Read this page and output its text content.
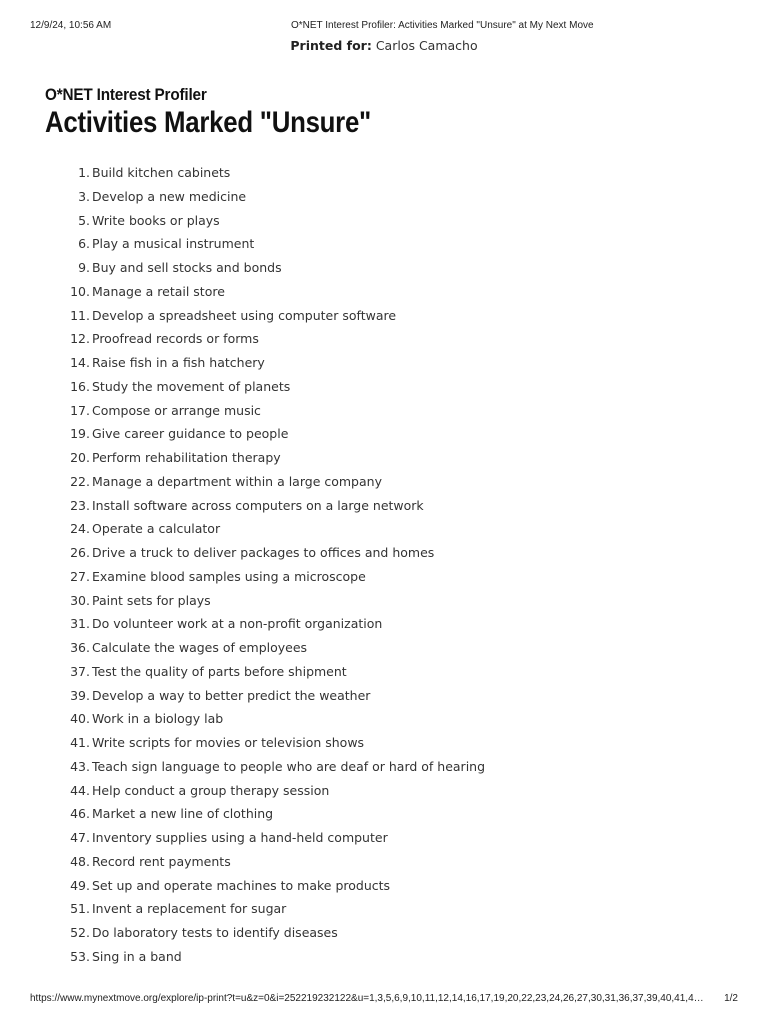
12/9/24, 10:56 AM	O*NET Interest Profiler: Activities Marked "Unsure" at My Next Move
Printed for: Carlos Camacho
O*NET Interest Profiler
Activities Marked "Unsure"
1. Build kitchen cabinets
3. Develop a new medicine
5. Write books or plays
6. Play a musical instrument
9. Buy and sell stocks and bonds
10. Manage a retail store
11. Develop a spreadsheet using computer software
12. Proofread records or forms
14. Raise fish in a fish hatchery
16. Study the movement of planets
17. Compose or arrange music
19. Give career guidance to people
20. Perform rehabilitation therapy
22. Manage a department within a large company
23. Install software across computers on a large network
24. Operate a calculator
26. Drive a truck to deliver packages to offices and homes
27. Examine blood samples using a microscope
30. Paint sets for plays
31. Do volunteer work at a non-profit organization
36. Calculate the wages of employees
37. Test the quality of parts before shipment
39. Develop a way to better predict the weather
40. Work in a biology lab
41. Write scripts for movies or television shows
43. Teach sign language to people who are deaf or hard of hearing
44. Help conduct a group therapy session
46. Market a new line of clothing
47. Inventory supplies using a hand-held computer
48. Record rent payments
49. Set up and operate machines to make products
51. Invent a replacement for sugar
52. Do laboratory tests to identify diseases
53. Sing in a band
https://www.mynextmove.org/explore/ip-print?t=u&z=0&i=252219232122&u=1,3,5,6,9,10,11,12,14,16,17,19,20,22,23,24,26,27,30,31,36,37,39,40,41,4… 1/2
